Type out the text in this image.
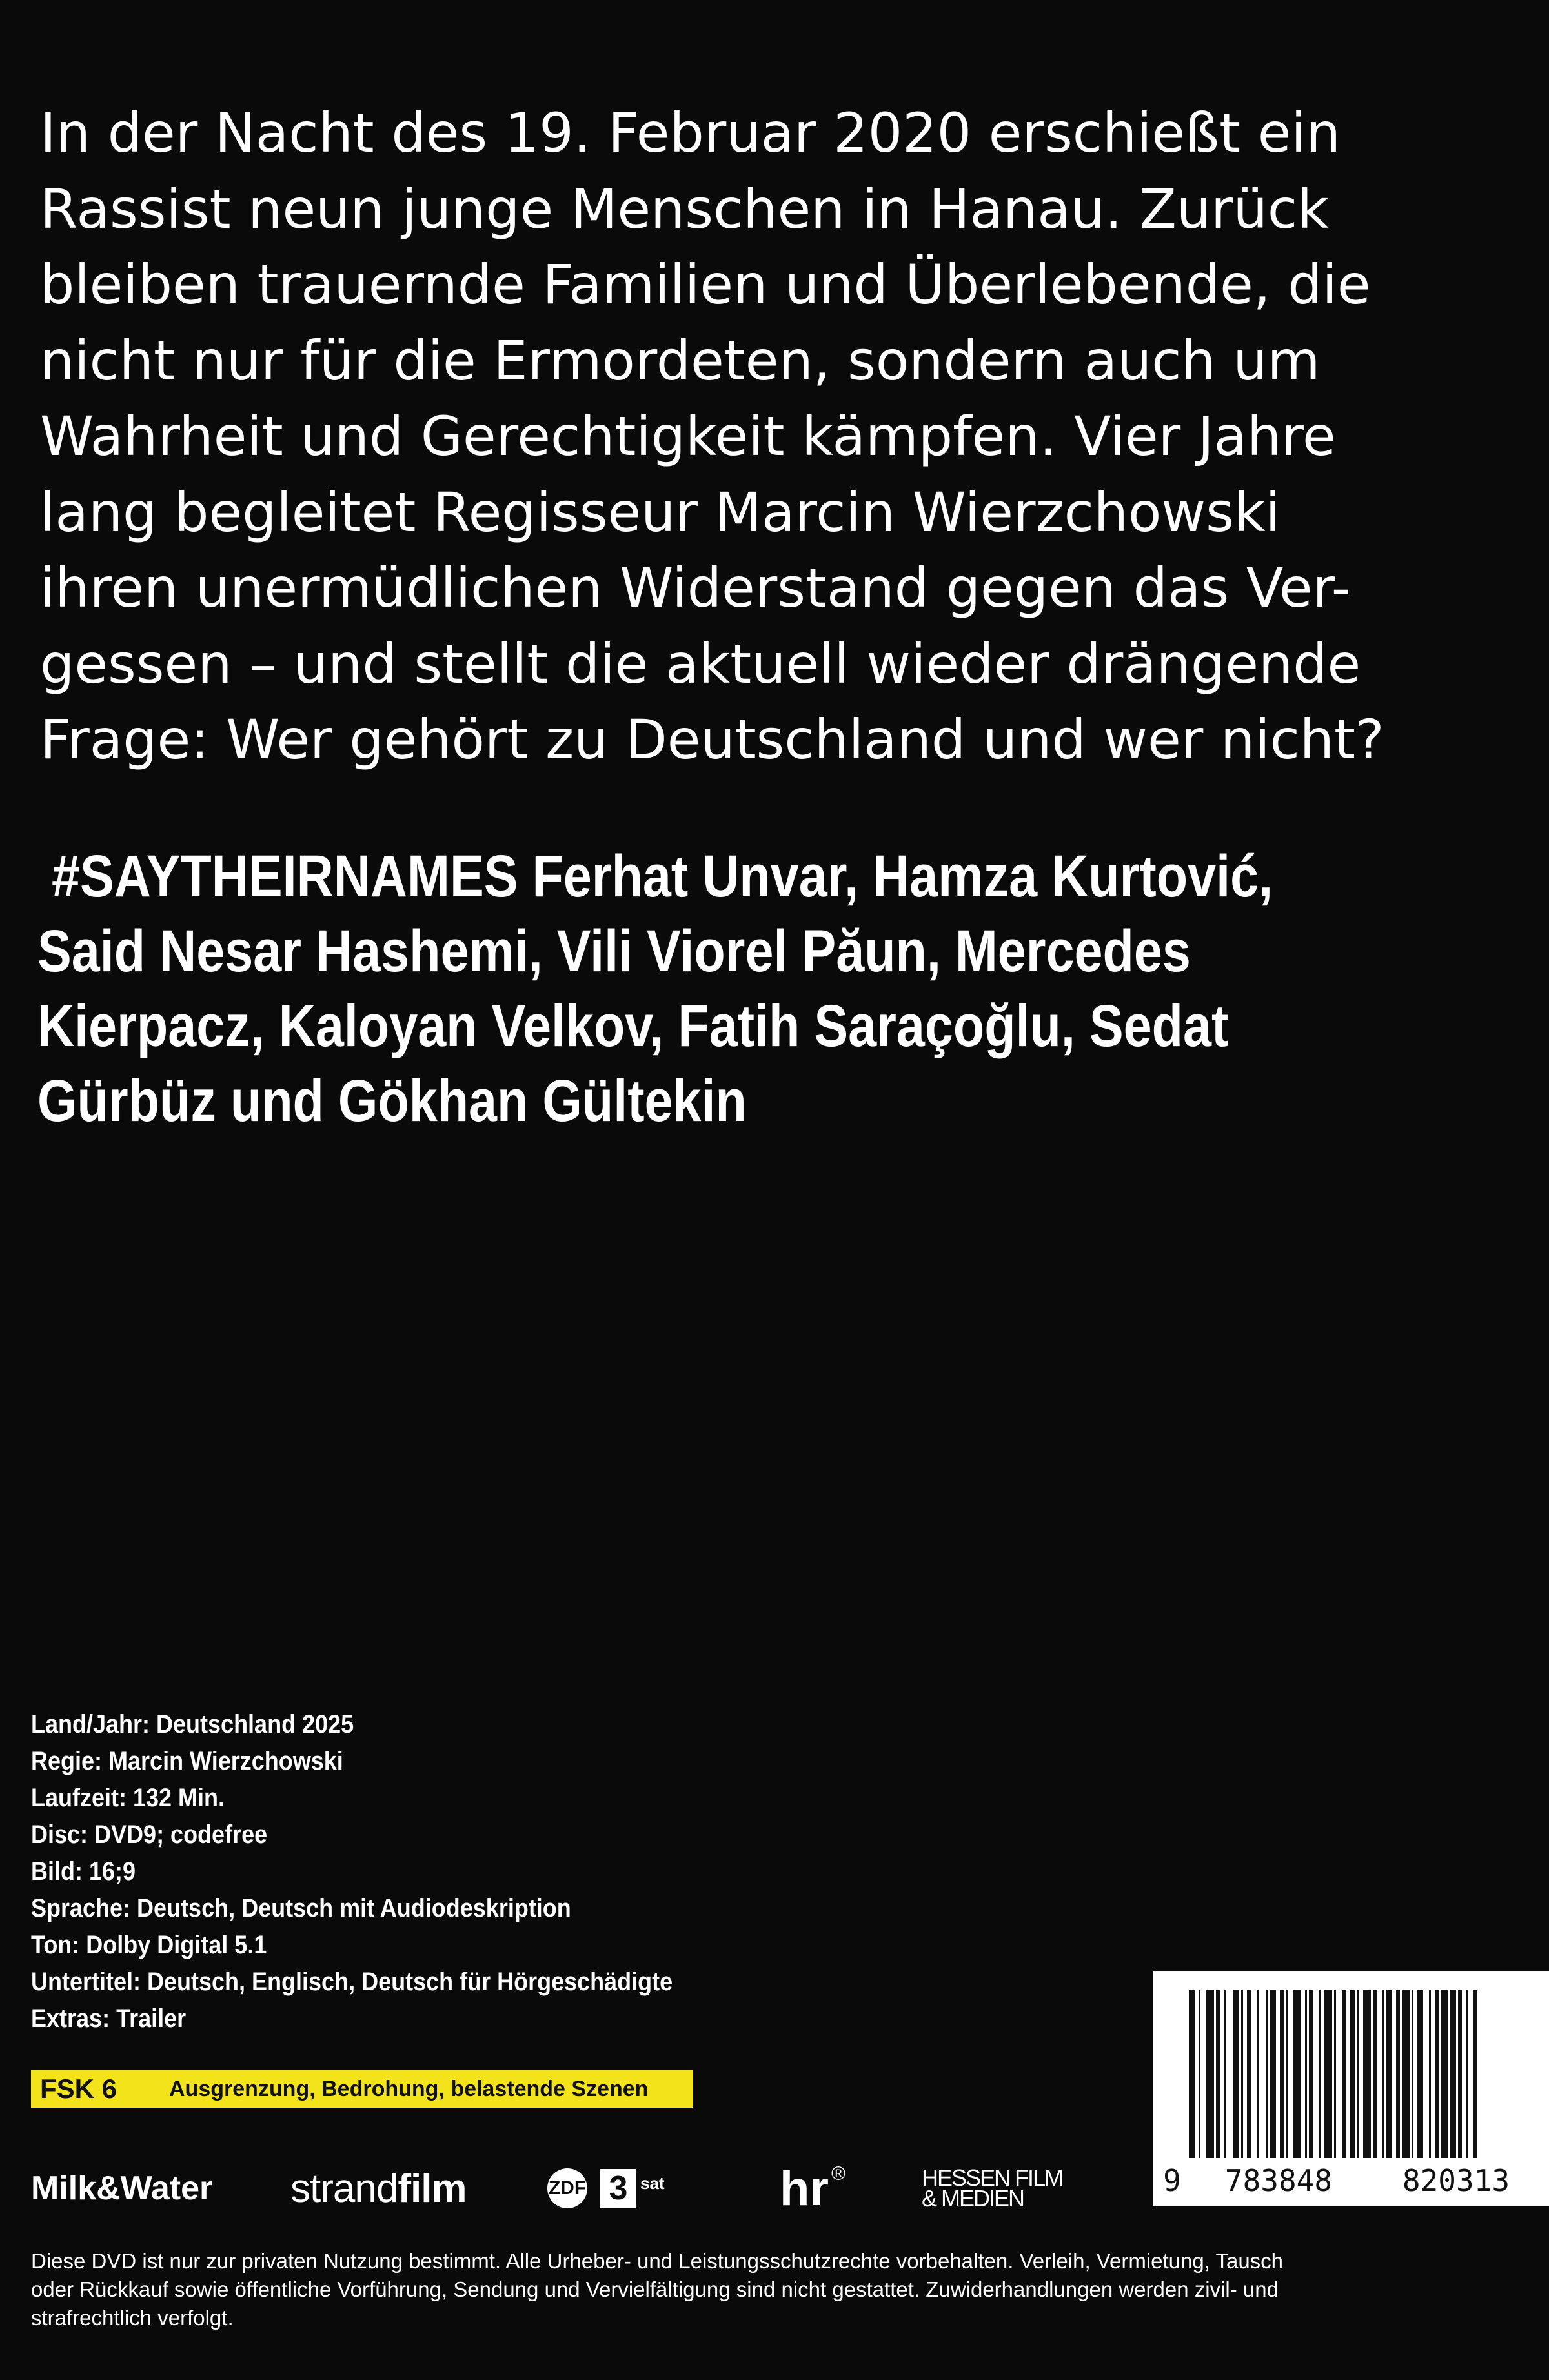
In der Nacht des 19. Februar 2020 erschießt ein
Rassist neun junge Menschen in Hanau. Zurück
bleiben trauernde Familien und Überlebende, die
nicht nur für die Ermordeten, sondern auch um
Wahrheit und Gerechtigkeit kämpfen. Vier Jahre
lang begleitet Regisseur Marcin Wierzchowski
ihren unermüdlichen Widerstand gegen das Ver-
gessen – und stellt die aktuell wieder drängende
Frage: Wer gehört zu Deutschland und wer nicht?
#SAYTHEIRNAMES Ferhat Unvar, Hamza Kurtović,
Said Nesar Hashemi, Vili Viorel Păun, Mercedes
Kierpacz, Kaloyan Velkov, Fatih Saraçoğlu, Sedat
Gürbüz und Gökhan Gültekin
Land/Jahr: Deutschland 2025
Regie: Marcin Wierzchowski
Laufzeit: 132 Min.
Disc: DVD9; codefree
Bild: 16;9
Sprache: Deutsch, Deutsch mit Audiodeskription
Ton: Dolby Digital 5.1
Untertitel: Deutsch, Englisch, Deutsch für Hörgeschädigte
Extras: Trailer
FSK 6	Ausgrenzung, Bedrohung, belastende Szenen
Milk&Water	strandfilm	ZDF 3 sat hr ®	HESSEN FILM
& MEDIEN
9	783848	820313
Diese DVD ist nur zur privaten Nutzung bestimmt. Alle Urheber- und Leistungsschutzrechte vorbehalten. Verleih, Vermietung, Tausch
oder Rückkauf sowie öffentliche Vorführung, Sendung und Vervielfältigung sind nicht gestattet. Zuwiderhandlungen werden zivil- und
strafrechtlich verfolgt.
